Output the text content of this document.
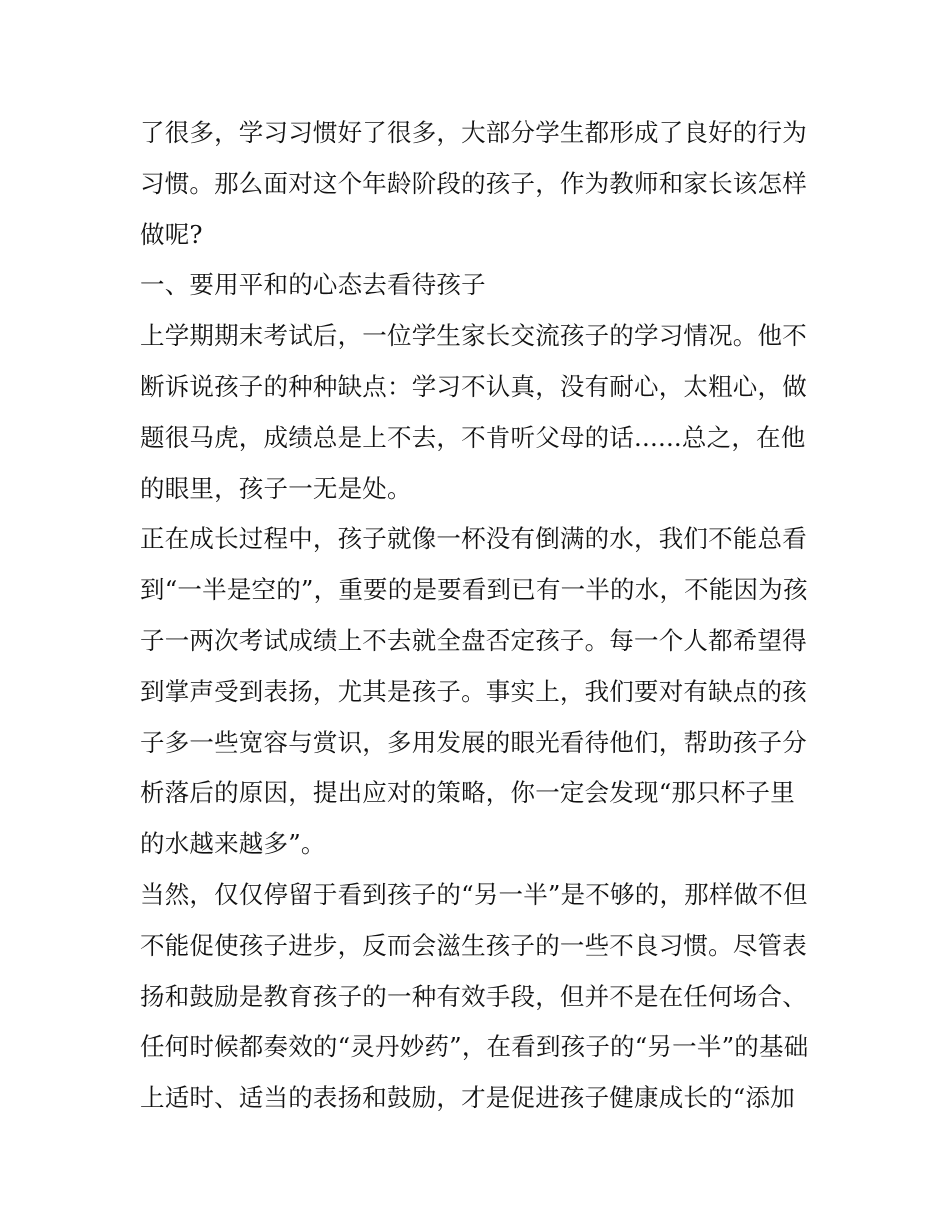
了很多，学习习惯好了很多，大部分学生都形成了良好的行为
习惯。那么面对这个年龄阶段的孩子，作为教师和家长该怎样
做呢?
一、要用平和的心态去看待孩子
上学期期末考试后，一位学生家长交流孩子的学习情况。他不
断诉说孩子的种种缺点：学习不认真，没有耐心，太粗心，做
题很马虎，成绩总是上不去，不肯听父母的话......总之，在他
的眼里，孩子一无是处。
正在成长过程中，孩子就像一杯没有倒满的水，我们不能总看
到“一半是空的”，重要的是要看到已有一半的水，不能因为孩
子一两次考试成绩上不去就全盘否定孩子。每一个人都希望得
到掌声受到表扬，尤其是孩子。事实上，我们要对有缺点的孩
子多一些宽容与赏识，多用发展的眼光看待他们，帮助孩子分
析落后的原因，提出应对的策略，你一定会发现“那只杯子里
的水越来越多”。
当然，仅仅停留于看到孩子的“另一半”是不够的，那样做不但
不能促使孩子进步，反而会滋生孩子的一些不良习惯。尽管表
扬和鼓励是教育孩子的一种有效手段，但并不是在任何场合、
任何时候都奏效的“灵丹妙药”，在看到孩子的“另一半”的基础
上适时、适当的表扬和鼓励，才是促进孩子健康成长的“添加
